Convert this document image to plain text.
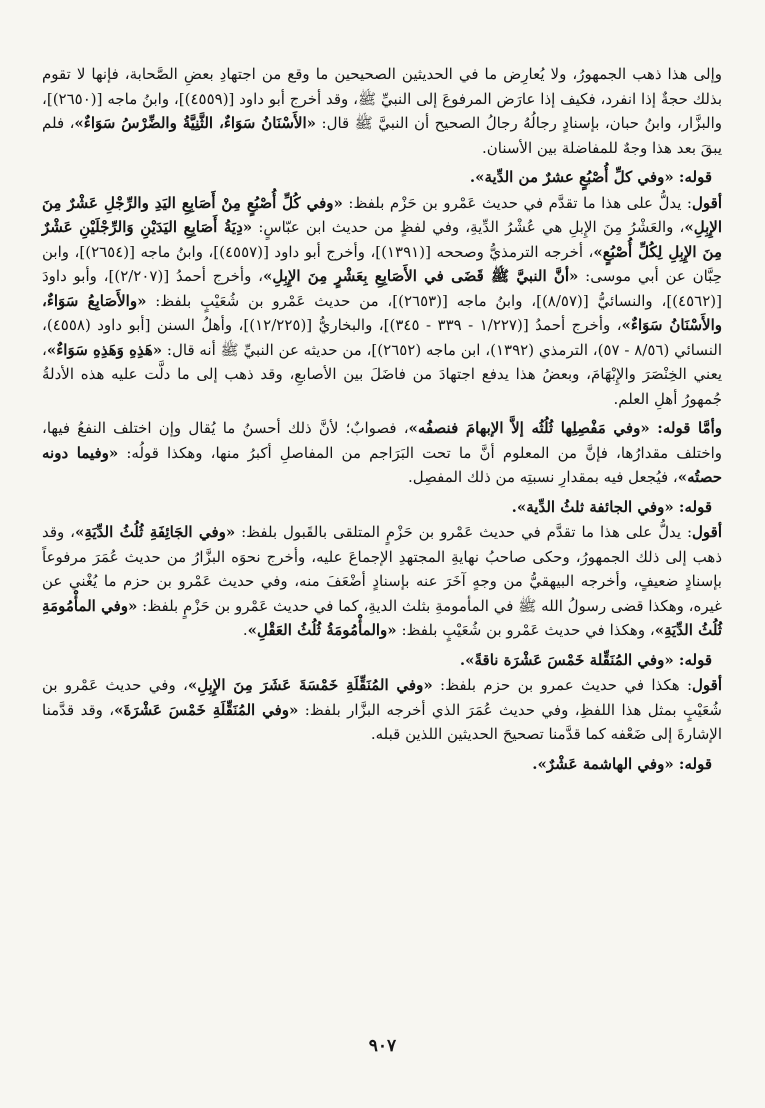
وإلى هذا ذهب الجمهورُ، ولا يُعارِض ما في الحديثين الصحيحين ما وقع من اجتهادِ بعضِ الصَّحابة، فإنها لا تقوم بذلك حجةٌ إذا انفرد، فكيف إذا عارَض المرفوعَ إلى النبيِّ ﷺ، وقد أخرج أبو داود [(٤٥٥٩)]، وابنُ ماجه [(٢٦٥٠)]، والبزَّار، وابنُ حبان، بإسنادٍ رجالُهُ رجالُ الصحيح أن النبيَّ ﷺ قال: «الأَسْنَانُ سَوَاءٌ، الثَّنِيَّةُ والضِّرْسُ سَوَاءٌ»، فلم يبقَ بعد هذا وجهٌ للمفاضلة بين الأسنان.

قوله: «وفي كلِّ أُصْبُعٍ عشرٌ من الدِّية».

أقول: يدلُّ على هذا ما تقدَّم في حديث عَمْرو بن حَزْم بلفظ: «وفي كُلِّ أُصْبُعٍ مِنْ أَصَابِعِ اليَدِ والرِّجْلِ عَشْرٌ مِنَ الإِبِلِ»، والعَشْرُ مِنَ الإِبلِ هي عُشْرُ الدِّيةِ، وفي لفظٍ من حديث ابن عبّاسٍ: «دِيَةُ أَصَابِعِ اليَدَيْنِ وَالرِّجْلَيْنِ عَشْرٌ مِنَ الإِبِلِ لِكُلِّ أُصْبُعٍ»، أخرجه الترمذيُّ وصححه [(١٣٩١)]، وأخرج أبو داود [(٤٥٥٧)]، وابنُ ماجه [(٢٦٥٤)]، وابن حِبَّان عن أبي موسى: «أنَّ النبيَّ ﷺ قَضَى في الأَصَابِعِ بِعَشْرٍ مِنَ الإِبِلِ»، وأخرج أحمدُ [(٢/٢٠٧)]، وأبو داودَ [(٤٥٦٢)]، والنسائيُّ [(٨/٥٧)]، وابنُ ماجه [(٢٦٥٣)]، من حديث عَمْرو بن شُعَيْبٍ بلفظ: «والأَصَابِعُ سَوَاءٌ، والأَسْنَانُ سَوَاءٌ»، وأخرج أحمدُ [(١/٢٢٧ - ٣٣٩ - ٣٤٥)]، والبخاريُّ [(١٢/٢٢٥)]، وأهلُ السنن [أبو داود (٤٥٥٨)، النسائي (٨/٥٦ - ٥٧)، الترمذي (١٣٩٢)، ابن ماجه (٢٦٥٢)]، من حديثه عن النبيِّ ﷺ أنه قال: «هَذِهِ وَهَذِهِ سَوَاءٌ»، يعني الخِنْصَرَ والإِبْهَامَ، وبعضُ هذا يدفع اجتهادَ من فاضَلَ بين الأصابعِ، وقد ذهب إلى ما دلَّت عليه هذه الأدلةُ جُمهورُ أهلِ العلم.

وأمَّا قوله: «وفي مَفْصِلِها ثُلُثُه إلاَّ الإبهامَ فنصفُه»، فصوابٌ؛ لأنَّ ذلك أحسنُ ما يُقال وإن اختلف النفعُ فيها، واختلف مقدارُها، فإنَّ من المعلوم أنَّ ما تحت البَرَاجم من المفاصلِ أكبرُ منها، وهكذا قولُه: «وفيما دونه حصتُه»، فيُجعل فيه بمقدارِ نسبتِه من ذلك المفصِل.

قوله: «وفي الجائفة ثلثُ الدِّية».

أقول: يدلُّ على هذا ما تقدَّم في حديث عَمْرو بن حَزْمٍ المتلقى بالقَبول بلفظ: «وفي الجَائِفَةِ ثُلُثُ الدِّيَةِ»، وقد ذهب إلى ذلك الجمهورُ، وحكى صاحبُ نهايةِ المجتهدِ الإجماعَ عليه، وأخرج نحوَه البزَّارُ من حديث عُمَرَ مرفوعاً بإسنادٍ ضعيفٍ، وأخرجه البيهقيُّ من وجهٍ آخَرَ عنه بإسنادٍ أضْعَفَ منه، وفي حديث عَمْرو بن حزم ما يُغْني عن غيره، وهكذا قضى رسولُ الله ﷺ في المأمومةِ بثلث الديةِ، كما في حديث عَمْرو بن حَزْمٍ بلفظ: «وفي المأْمُومَةِ ثُلُثُ الدِّيَةِ»، وهكذا في حديث عَمْرو بن شُعَيْبٍ بلفظ: «والمأْمُومَةُ ثُلُثُ العَقْلِ».

قوله: «وفي المُنَقِّلة خَمْسَ عَشْرَة ناقةً».

أقول: هكذا في حديث عمرو بن حزم بلفظ: «وفي المُنَقِّلَةِ خَمْسَةَ عَشَرَ مِنَ الإِبِلِ»، وفي حديث عَمْرو بن شُعَيْبٍ بمثل هذا اللفظِ، وفي حديث عُمَرَ الذي أخرجه البزَّار بلفظ: «وفي المُنَقِّلَةِ خَمْسَ عَشْرَةَ»، وقد قدَّمنا الإشارةَ إلى ضَعْفه كما قدَّمنا تصحيحَ الحديثين اللذين قبله.

قوله: «وفي الهاشمة عَشْرٌ».

٩٠٧
